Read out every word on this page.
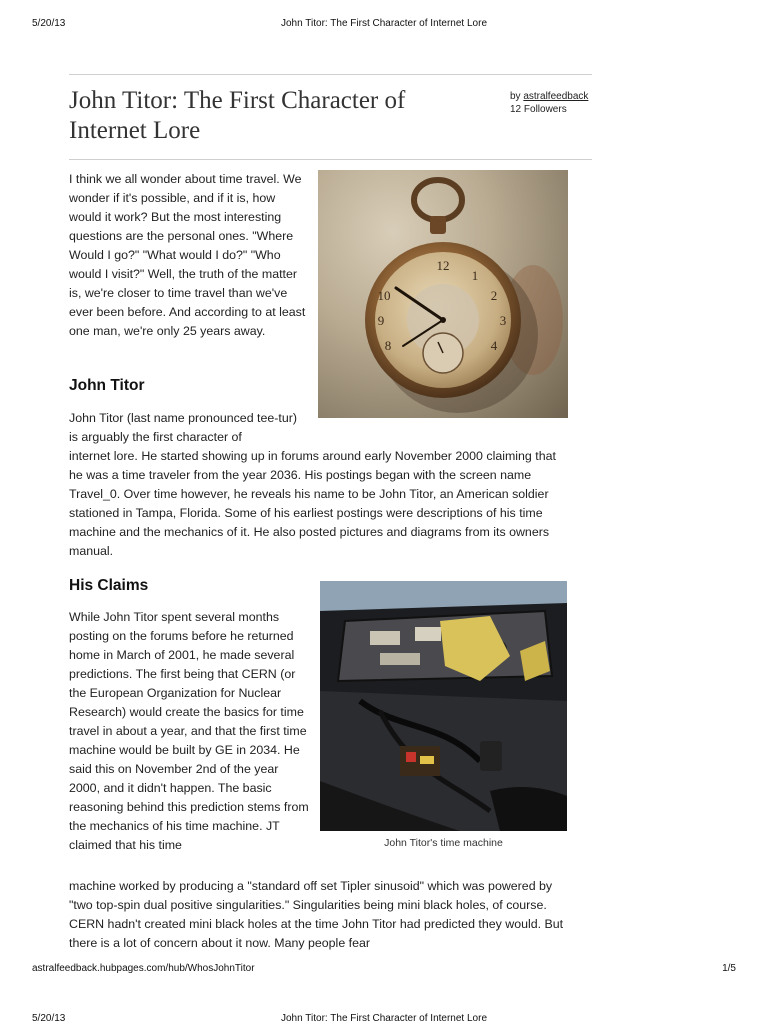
5/20/13	John Titor: The First Character of Internet Lore
John Titor: The First Character of Internet Lore
by astralfeedback
12 Followers

I think we all wonder about time travel. We wonder if it's possible, and if it is, how would it work? But the most interesting questions are the personal ones. "Where Would I go?" "What would I do?" "Who would I visit?" Well, the truth of the matter is, we're closer to time travel than we've ever been before. And according to at least one man, we're only 25 years away.

12
1
2
3
4
10
9
8
John Titor

John Titor (last name pronounced tee-tur) is arguably the first character of

internet lore. He started showing up in forums around early November 2000 claiming that he was a time traveler from the year 2036. His postings began with the screen name Travel_0. Over time however, he reveals his name to be John Titor, an American soldier stationed in Tampa, Florida. Some of his earliest postings were descriptions of his time machine and the mechanics of it. He also posted pictures and diagrams from its owners manual.

His Claims

While John Titor spent several months posting on the forums before he returned home in March of 2001, he made several predictions. The first being that CERN (or the European Organization for Nuclear Research) would create the basics for time travel in about a year, and that the first time machine would be built by GE in 2034. He said this on November 2nd of the year 2000, and it didn't happen. The basic reasoning behind this prediction stems from the mechanics of his time machine. JT claimed that his time	John Titor's time machine

machine worked by producing a "standard off set Tipler sinusoid" which was powered by "two top-spin dual positive singularities." Singularities being mini black holes, of course. CERN hadn't created mini black holes at the time John Titor had predicted they would. But there is a lot of concern about it now. Many people fear

astralfeedback.hubpages.com/hub/WhosJohnTitor	1/5
5/20/13	John Titor: The First Character of Internet Lore
